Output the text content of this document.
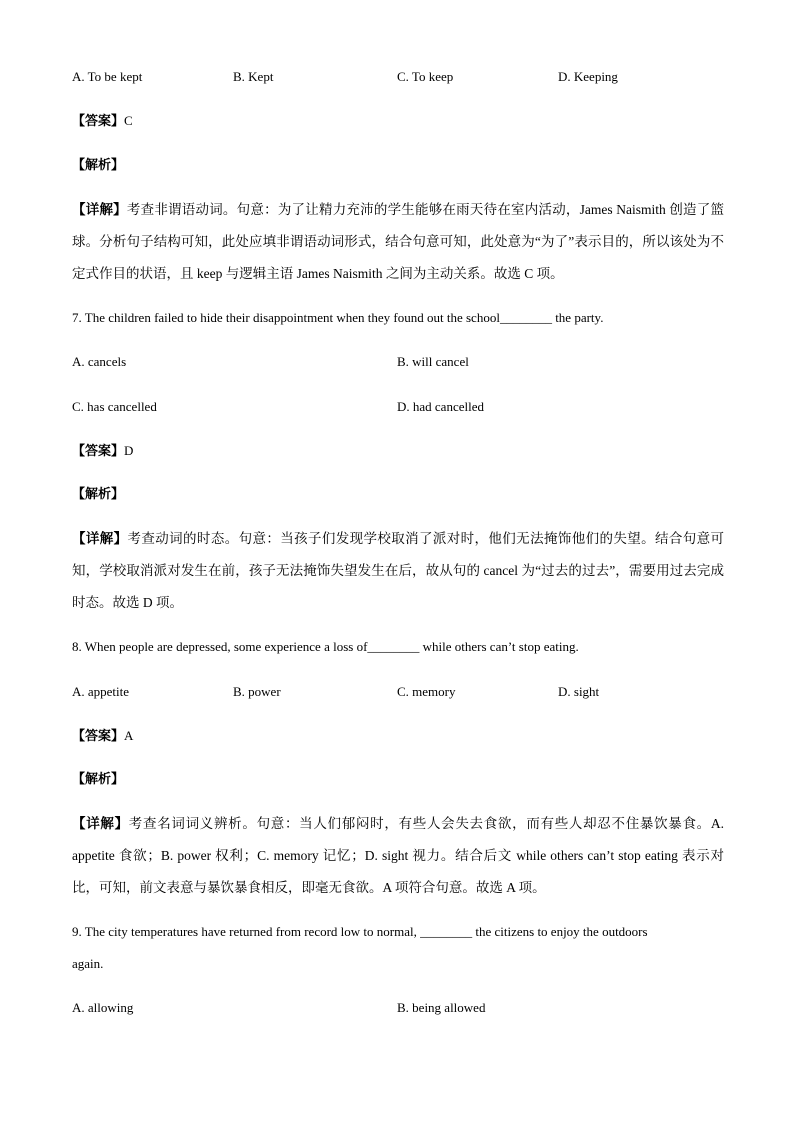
A. To be kept	B. Kept	C. To keep	D. Keeping
【答案】C
【解析】
【详解】考查非谓语动词。句意：为了让精力充沛的学生能够在雨天待在室内活动，James Naismith 创造了篮球。分析句子结构可知，此处应填非谓语动词形式，结合句意可知，此处意为“为了”表示目的，所以该处为不定式作目的状语，且 keep 与逻辑主语 James Naismith 之间为主动关系。故选 C 项。
7. The children failed to hide their disappointment when they found out the school________ the party.
A. cancels	B. will cancel
C. has cancelled	D. had cancelled
【答案】D
【解析】
【详解】考查动词的时态。句意：当孩子们发现学校取消了派对时，他们无法掩饰他们的失望。结合句意可知，学校取消派对发生在前，孩子无法掩饰失望发生在后，故从句的 cancel 为“过去的过去”，需要用过去完成时态。故选 D 项。
8. When people are depressed, some experience a loss of________ while others can’t stop eating.
A. appetite	B. power	C. memory	D. sight
【答案】A
【解析】
【详解】考查名词词义辨析。句意：当人们郁闷时，有些人会失去食欲，而有些人却忍不住暴饮暴食。A. appetite 食欲；B. power 权利；C. memory 记忆；D. sight 视力。结合后文 while others can’t stop eating 表示对比，可知，前文表意与暴饮暴食相反，即毫无食欲。A 项符合句意。故选 A 项。
9. The city temperatures have returned from record low to normal, ________ the citizens to enjoy the outdoors
again.
A. allowing	B. being allowed
